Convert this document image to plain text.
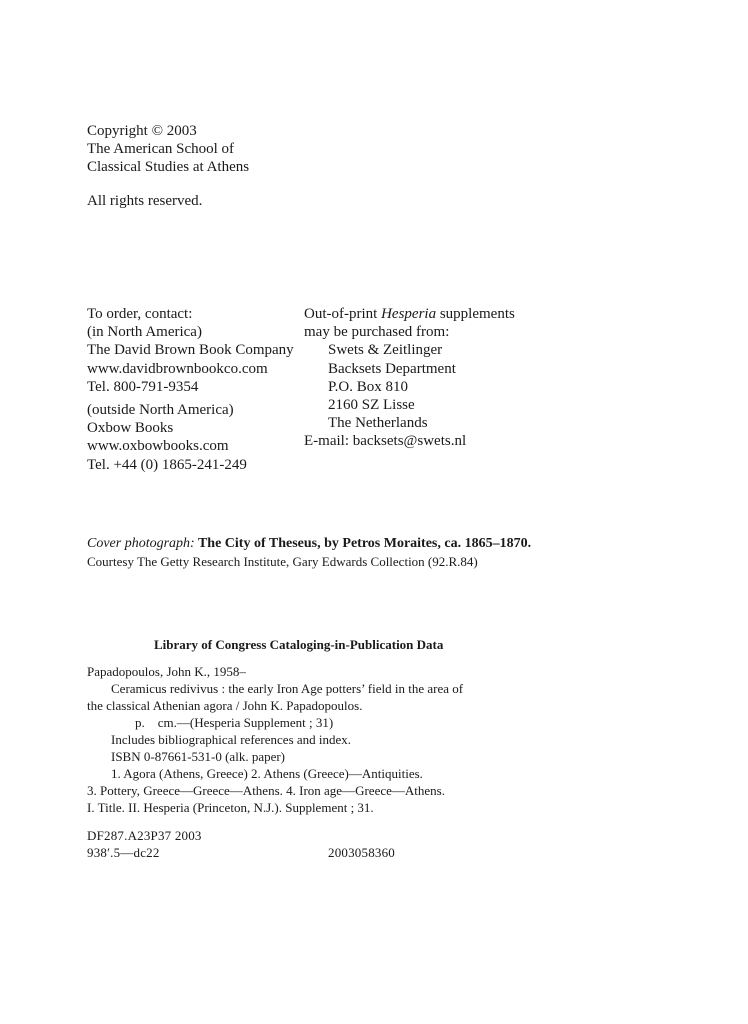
Copyright © 2003
The American School of
Classical Studies at Athens
All rights reserved.
To order, contact:
(in North America)
The David Brown Book Company
www.davidbrownbookco.com
Tel. 800-791-9354
(outside North America)
Oxbow Books
www.oxbowbooks.com
Tel. +44 (0) 1865-241-249
Out-of-print Hesperia supplements
may be purchased from:
Swets & Zeitlinger
Backsets Department
P.O. Box 810
2160 SZ Lisse
The Netherlands
E-mail: backsets@swets.nl
Cover photograph: The City of Theseus, by Petros Moraites, ca. 1865–1870.
Courtesy The Getty Research Institute, Gary Edwards Collection (92.R.84)
Library of Congress Cataloging-in-Publication Data
Papadopoulos, John K., 1958–
Ceramicus redivivus : the early Iron Age potters’ field in the area of
the classical Athenian agora / John K. Papadopoulos.
p.    cm.—(Hesperia Supplement ; 31)
Includes bibliographical references and index.
ISBN 0-87661-531-0 (alk. paper)
1. Agora (Athens, Greece) 2. Athens (Greece)—Antiquities.
3. Pottery, Greece—Greece—Athens. 4. Iron age—Greece—Athens.
I. Title. II. Hesperia (Princeton, N.J.). Supplement ; 31.
DF287.A23P37 2003
938′.5—dc22	2003058360
